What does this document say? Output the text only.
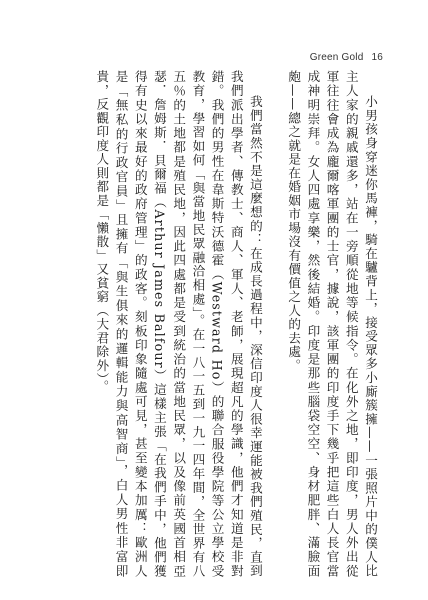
Green Gold 16

小男孩身穿迷你馬褲，騎在驢背上，接受眾多小廝簇擁——一張照片中的僕人比主人家的親戚還多，站在一旁順從地等候指令。在化外之地，即印度，男人外出從軍往往會成為龐爾喀軍團的士官，據說，該軍團的印度手下幾乎把這些白人長官當成神明崇拜。女人四處享樂，然後結婚。印度是那些腦袋空空、身材肥胖、滿臉面皰——總之就是在婚姻市場沒有價值之人的去處。

我們當然不是這麼想的：在成長過程中，深信印度人很幸運能被我們殖民，直到我們派出學者、傳教士、商人、軍人、老師，展現超凡的學識，他們才知道是非對錯。我們的男性在韋斯特沃德霍（Westward Ho）的聯合服役學院等公立學校受教育，學習如何「與當地民眾融洽相處」。在一八一五到一九一四年間，全世界有八五％的土地都是殖民地，因此四處都是受到統治的當地民眾，以及像前英國首相亞瑟．詹姆斯．貝爾福（Arthur James Balfour）這樣主張「在我們手中，他們獲得有史以來最好的政府管理」的政客。刻板印象隨處可見，甚至變本加厲：歐洲人是「無私的行政官員」且擁有「與生俱來的邏輯能力與高智商」，白人男性非富即貴，反觀印度人則都是「懶散」又貧窮（大君除外）。
